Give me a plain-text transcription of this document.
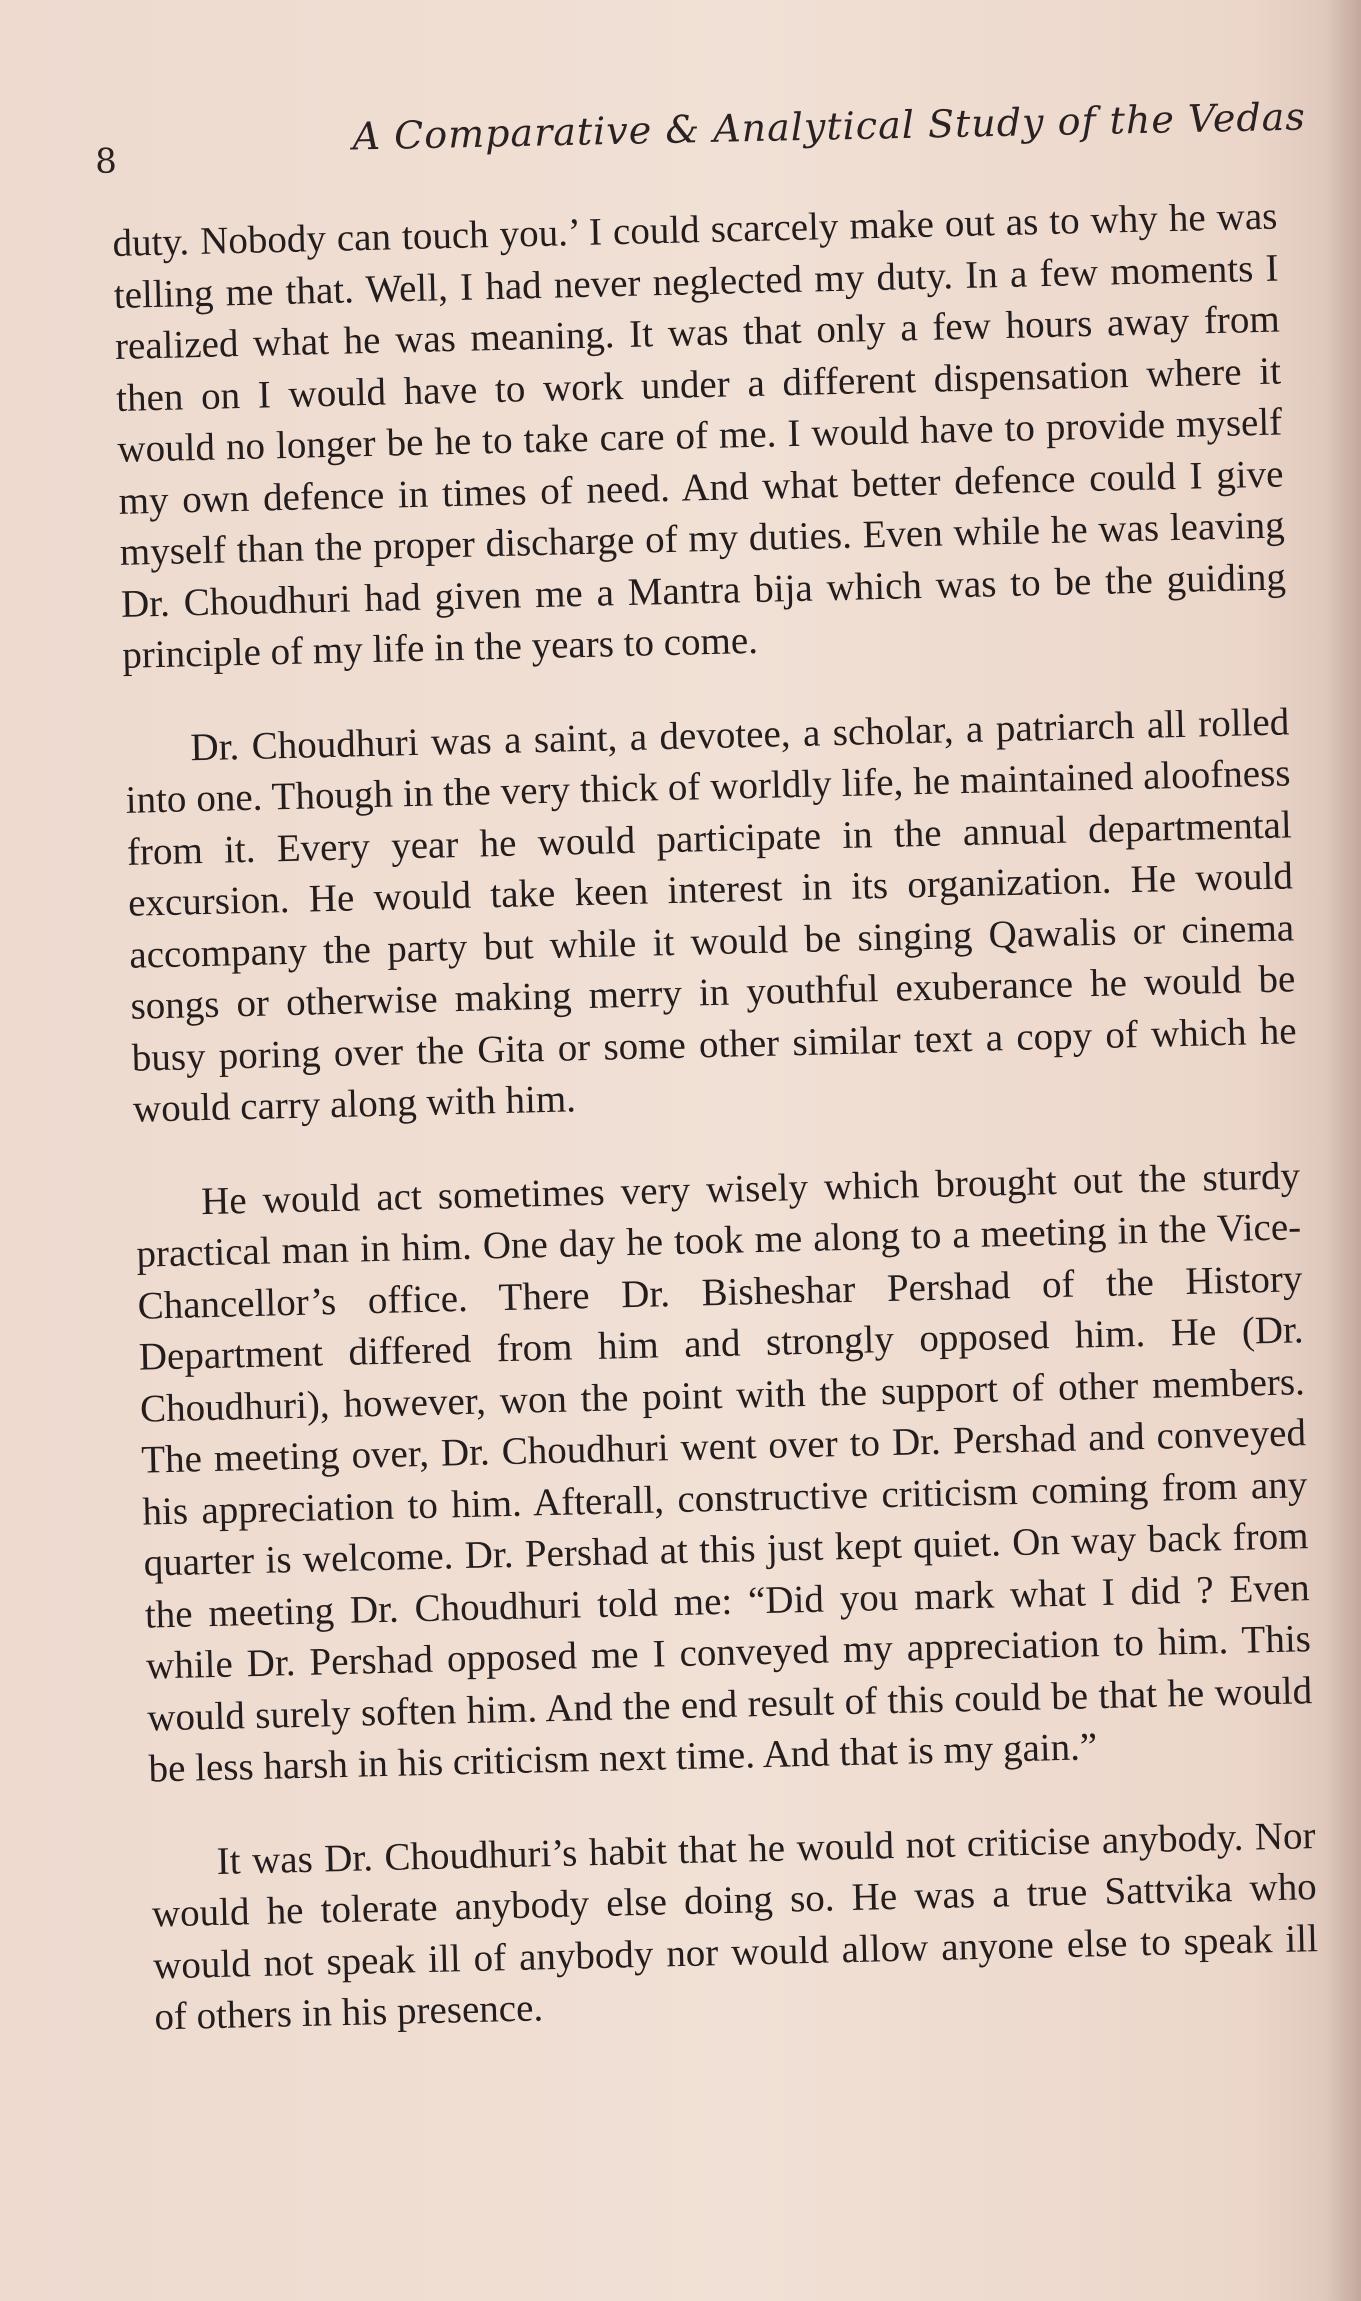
8
A Comparative & Analytical Study of the Vedas

duty. Nobody can touch you.’ I could scarcely make out as to why he was telling me that. Well, I had never neglected my duty. In a few moments I realized what he was meaning. It was that only a few hours away from then on I would have to work under a different dispensation where it would no longer be he to take care of me. I would have to provide myself my own defence in times of need. And what better defence could I give myself than the proper discharge of my duties. Even while he was leaving Dr. Choudhuri had given me a Mantra bija which was to be the guiding principle of my life in the years to come.

Dr. Choudhuri was a saint, a devotee, a scholar, a patriarch all rolled into one. Though in the very thick of worldly life, he maintained aloofness from it. Every year he would participate in the annual departmental excursion. He would take keen interest in its organization. He would accompany the party but while it would be singing Qawalis or cinema songs or otherwise making merry in youthful exuberance he would be busy poring over the Gita or some other similar text a copy of which he would carry along with him.

He would act sometimes very wisely which brought out the sturdy practical man in him. One day he took me along to a meeting in the Vice-Chancellor’s office. There Dr. Bisheshar Pershad of the History Department differed from him and strongly opposed him. He (Dr. Choudhuri), however, won the point with the support of other members. The meeting over, Dr. Choudhuri went over to Dr. Pershad and conveyed his appreciation to him. Afterall, constructive criticism coming from any quarter is welcome. Dr. Pershad at this just kept quiet. On way back from the meeting Dr. Choudhuri told me: “Did you mark what I did ? Even while Dr. Pershad opposed me I conveyed my appreciation to him. This would surely soften him. And the end result of this could be that he would be less harsh in his criticism next time. And that is my gain.”

It was Dr. Choudhuri’s habit that he would not criticise anybody. Nor would he tolerate anybody else doing so. He was a true Sattvika who would not speak ill of anybody nor would allow anyone else to speak ill of others in his presence.
